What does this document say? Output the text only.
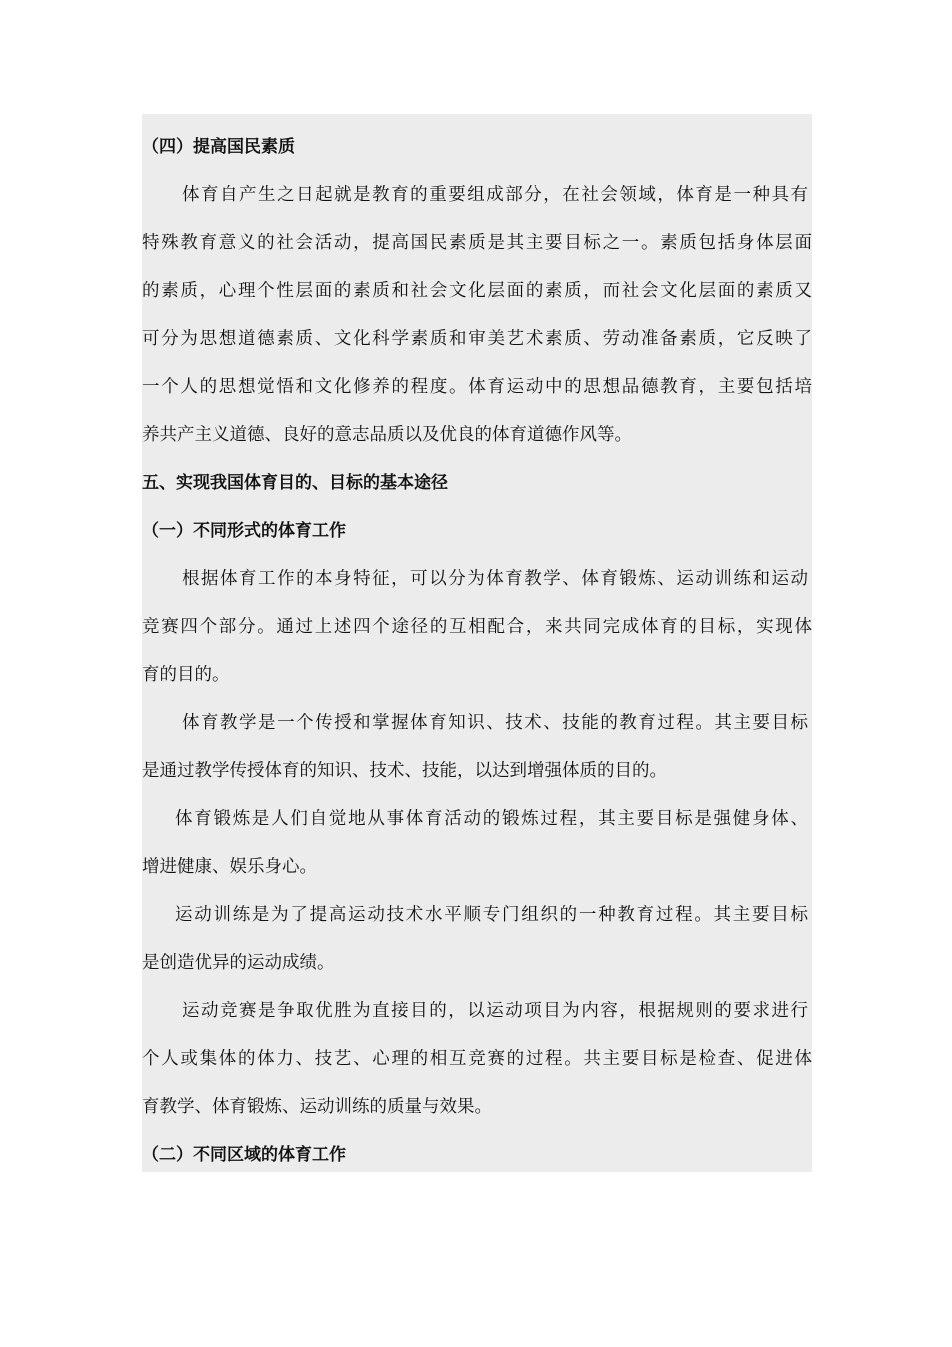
（四）提高国民素质
体育自产生之日起就是教育的重要组成部分，在社会领域，体育是一种具有
特殊教育意义的社会活动，提高国民素质是其主要目标之一。素质包括身体层面
的素质，心理个性层面的素质和社会文化层面的素质，而社会文化层面的素质又
可分为思想道德素质、文化科学素质和审美艺术素质、劳动准备素质，它反映了
一个人的思想觉悟和文化修养的程度。体育运动中的思想品德教育，主要包括培
养共产主义道德、良好的意志品质以及优良的体育道德作风等。
五、实现我国体育目的、目标的基本途径
（一）不同形式的体育工作
根据体育工作的本身特征，可以分为体育教学、体育锻炼、运动训练和运动
竞赛四个部分。通过上述四个途径的互相配合，来共同完成体育的目标，实现体
育的目的。
体育教学是一个传授和掌握体育知识、技术、技能的教育过程。其主要目标
是通过教学传授体育的知识、技术、技能，以达到增强体质的目的。
体育锻炼是人们自觉地从事体育活动的锻炼过程，其主要目标是强健身体、
增进健康、娱乐身心。
运动训练是为了提高运动技术水平顺专门组织的一种教育过程。其主要目标
是创造优异的运动成绩。
运动竞赛是争取优胜为直接目的，以运动项目为内容，根据规则的要求进行
个人或集体的体力、技艺、心理的相互竞赛的过程。共主要目标是检查、促进体
育教学、体育锻炼、运动训练的质量与效果。
（二）不同区域的体育工作
